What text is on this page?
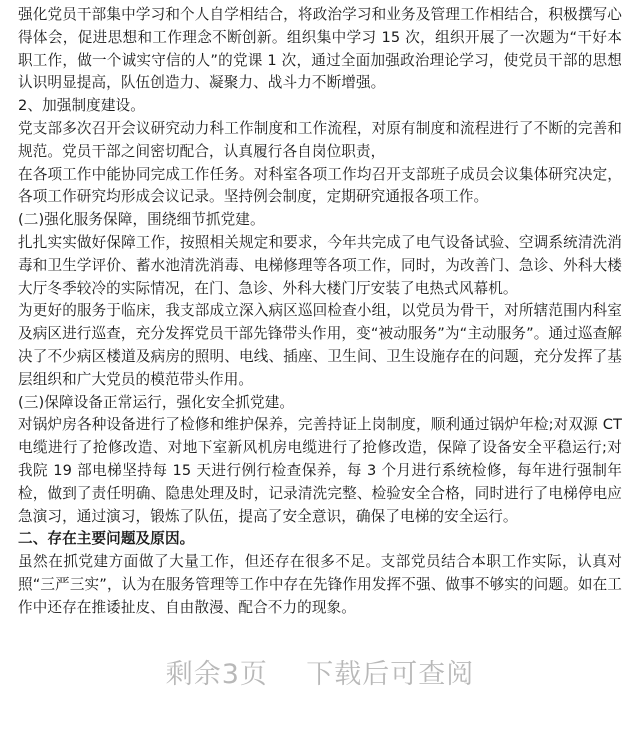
强化党员干部集中学习和个人自学相结合，将政治学习和业务及管理工作相结合，积极撰写心得体会，促进思想和工作理念不断创新。组织集中学习 15 次，组织开展了一次题为“干好本职工作，做一个诚实守信的人”的党课 1 次，通过全面加强政治理论学习，使党员干部的思想认识明显提高，队伍创造力、凝聚力、战斗力不断增强。

2、加强制度建设。

党支部多次召开会议研究动力科工作制度和工作流程，对原有制度和流程进行了不断的完善和规范。党员干部之间密切配合，认真履行各自岗位职责，

在各项工作中能协同完成工作任务。对科室各项工作均召开支部班子成员会议集体研究决定，各项工作研究均形成会议记录。坚持例会制度，定期研究通报各项工作。

(二)强化服务保障，围绕细节抓党建。

扎扎实实做好保障工作，按照相关规定和要求，今年共完成了电气设备试验、空调系统清洗消毒和卫生学评价、蓄水池清洗消毒、电梯修理等各项工作，同时，为改善门、急诊、外科大楼大厅冬季较冷的实际情况，在门、急诊、外科大楼门厅安装了电热式风幕机。

为更好的服务于临床，我支部成立深入病区巡回检查小组，以党员为骨干，对所辖范围内科室及病区进行巡查，充分发挥党员干部先锋带头作用，变“被动服务”为“主动服务”。通过巡查解决了不少病区楼道及病房的照明、电线、插座、卫生间、卫生设施存在的问题，充分发挥了基层组织和广大党员的模范带头作用。

(三)保障设备正常运行，强化安全抓党建。

对锅炉房各种设备进行了检修和维护保养，完善持证上岗制度，顺利通过锅炉年检;对双源 CT 电缆进行了抢修改造、对地下室新风机房电缆进行了抢修改造，保障了设备安全平稳运行;对我院 19 部电梯坚持每 15 天进行例行检查保养，每 3 个月进行系统检修，每年进行强制年检，做到了责任明确、隐患处理及时，记录清洗完整、检验安全合格，同时进行了电梯停电应急演习，通过演习，锻炼了队伍，提高了安全意识，确保了电梯的安全运行。

二、存在主要问题及原因。

虽然在抓党建方面做了大量工作，但还存在很多不足。支部党员结合本职工作实际，认真对照“三严三实”，认为在服务管理等工作中存在先锋作用发挥不强、做事不够实的问题。如在工作中还存在推诿扯皮、自由散漫、配合不力的现象。

剩余3页 下载后可查阅
